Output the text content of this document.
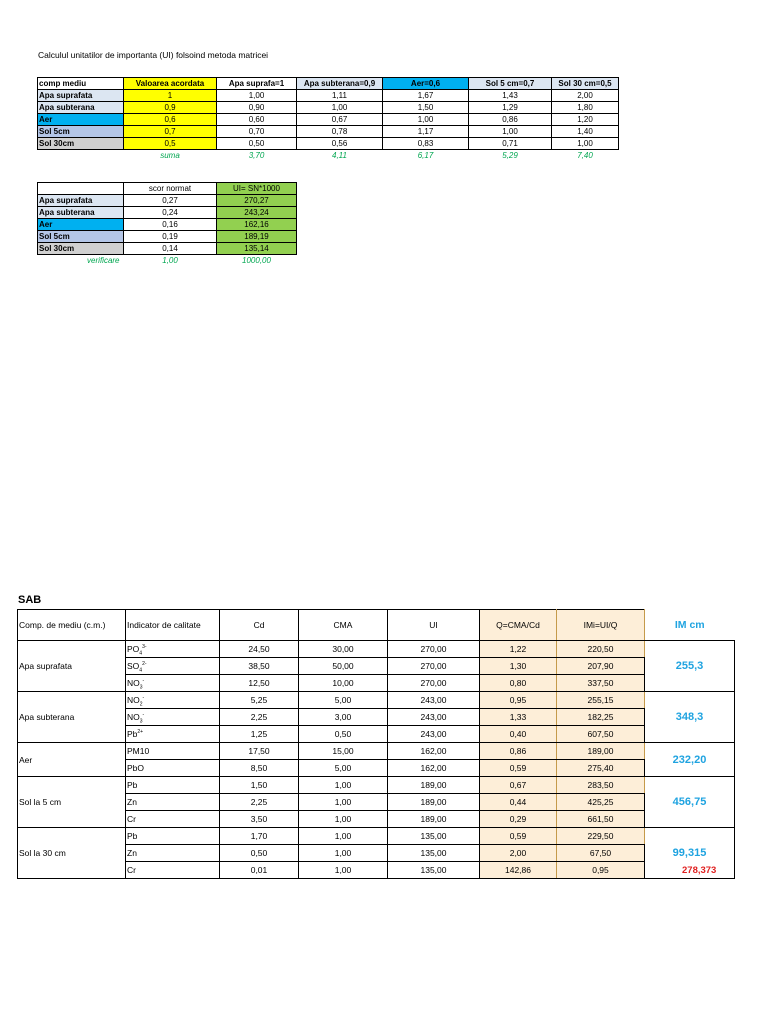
Calculul unitatilor de importanta (UI) folsoind metoda matricei
comp mediu	Valoarea acordata	Apa suprafa=1	Apa subterana=0,9	Aer=0,6	Sol 5 cm=0,7	Sol 30 cm=0,5
Apa suprafata	1	1,00	1,11	1,67	1,43	2,00
Apa subterana	0,9	0,90	1,00	1,50	1,29	1,80
Aer	0,6	0,60	0,67	1,00	0,86	1,20
Sol 5cm	0,7	0,70	0,78	1,17	1,00	1,40
Sol 30cm	0,5	0,50	0,56	0,83	0,71	1,00
	suma	3,70	4,11	6,17	5,29	7,40
	scor normat	UI= SN*1000
Apa suprafata	0,27	270,27
Apa subterana	0,24	243,24
Aer	0,16	162,16
Sol 5cm	0,19	189,19
Sol 30cm	0,14	135,14
verificare	1,00	1000,00
SAB
Comp. de mediu (c.m.)	Indicator de calitate	Cd	CMA	UI	Q=CMA/Cd	IMi=UI/Q	IM cm
Apa suprafata	$PO_4^{3-}$	24,50	30,00	270,00	1,22	220,50	255,3
	$SO_4^{2-}$	38,50	50,00	270,00	1,30	207,90	
	$NO_3^-$	12,50	10,00	270,00	0,80	337,50	
Apa subterana	$NO_2^-$	5,25	5,00	243,00	0,95	255,15	348,3
	$NO_3^-$	2,25	3,00	243,00	1,33	182,25	
	$Pb^{2+}$	1,25	0,50	243,00	0,40	607,50	
Aer	PM10	17,50	15,00	162,00	0,86	189,00	232,20
	PbO	8,50	5,00	162,00	0,59	275,40	
Sol la 5 cm	Pb	1,50	1,00	189,00	0,67	283,50	456,75
	Zn	2,25	1,00	189,00	0,44	425,25	
	Cr	3,50	1,00	189,00	0,29	661,50	
Sol la 30 cm	Pb	1,70	1,00	135,00	0,59	229,50	99,315
	Zn	0,50	1,00	135,00	2,00	67,50	
	Cr	0,01	1,00	135,00	142,86	0,95		278,373
